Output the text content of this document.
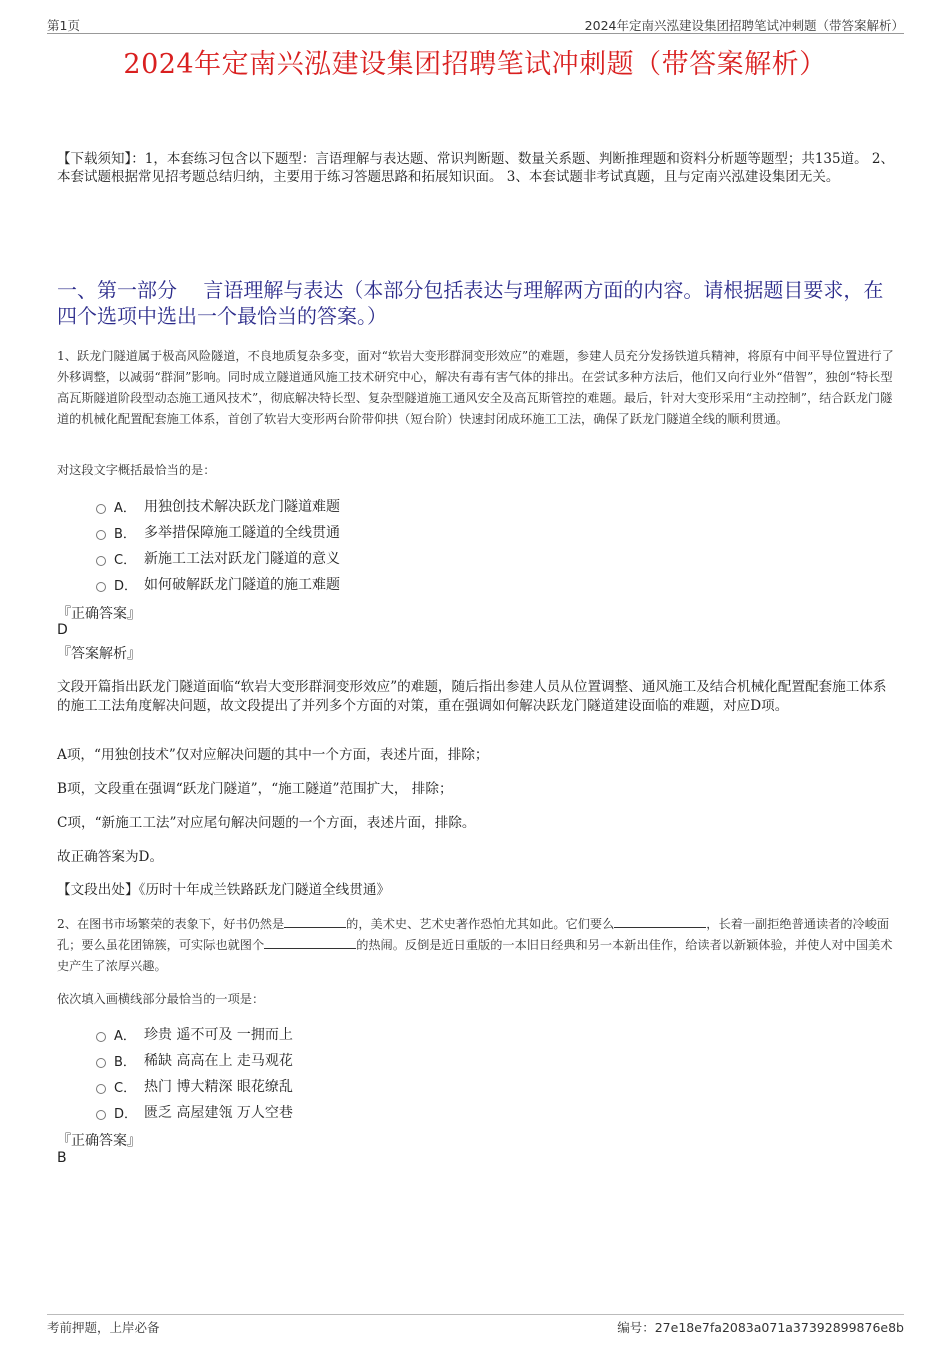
第1页	2024年定南兴泓建设集团招聘笔试冲刺题（带答案解析）
2024年定南兴泓建设集团招聘笔试冲刺题（带答案解析）
【下载须知】：1，本套练习包含以下题型：言语理解与表达题、常识判断题、数量关系题、判断推理题和资料分析题等题型；共135道。 2、本套试题根据常见招考题总结归纳，主要用于练习答题思路和拓展知识面。 3、本套试题非考试真题，且与定南兴泓建设集团无关。
一、第一部分　 言语理解与表达（本部分包括表达与理解两方面的内容。请根据题目要求，在四个选项中选出一个最恰当的答案。）
1、跃龙门隧道属于极高风险隧道，不良地质复杂多变，面对“软岩大变形群洞变形效应”的难题，参建人员充分发扬铁道兵精神，将原有中间平导位置进行了外移调整，以减弱“群洞”影响。同时成立隧道通风施工技术研究中心，解决有毒有害气体的排出。在尝试多种方法后，他们又向行业外“借智”，独创“特长型高瓦斯隧道阶段型动态施工通风技术”，彻底解决特长型、复杂型隧道施工通风安全及高瓦斯管控的难题。最后，针对大变形采用“主动控制”，结合跃龙门隧道的机械化配置配套施工体系，首创了软岩大变形两台阶带仰拱（短台阶）快速封闭成环施工工法，确保了跃龙门隧道全线的顺利贯通。
对这段文字概括最恰当的是：
A． 用独创技术解决跃龙门隧道难题
B． 多举措保障施工隧道的全线贯通
C． 新施工工法对跃龙门隧道的意义
D． 如何破解跃龙门隧道的施工难题
『正确答案』
D
『答案解析』
文段开篇指出跃龙门隧道面临“软岩大变形群洞变形效应”的难题，随后指出参建人员从位置调整、通风施工及结合机械化配置配套施工体系的施工工法角度解决问题，故文段提出了并列多个方面的对策，重在强调如何解决跃龙门隧道建设面临的难题，对应D项。
A项，“用独创技术”仅对应解决问题的其中一个方面，表述片面，排除；
B项，文段重在强调“跃龙门隧道”，“施工隧道”范围扩大， 排除；
C项，“新施工工法”对应尾句解决问题的一个方面，表述片面，排除。
故正确答案为D。
【文段出处】《历时十年成兰铁路跃龙门隧道全线贯通》
2、在图书市场繁荣的表象下，好书仍然是	的，美术史、艺术史著作恐怕尤其如此。它们要么	，长着一副拒绝普通读者的冷峻面孔；要么虽花团锦簇，可实际也就图个	的热闹。反倒是近日重版的一本旧日经典和另一本新出佳作，给读者以新颖体验，并使人对中国美术史产生了浓厚兴趣。
依次填入画横线部分最恰当的一项是：
A． 珍贵 遥不可及 一拥而上
B． 稀缺 高高在上 走马观花
C． 热门 博大精深 眼花缭乱
D． 匮乏 高屋建瓴 万人空巷
『正确答案』
B
考前押题，上岸必备	编号：27e18e7fa2083a071a37392899876e8b
